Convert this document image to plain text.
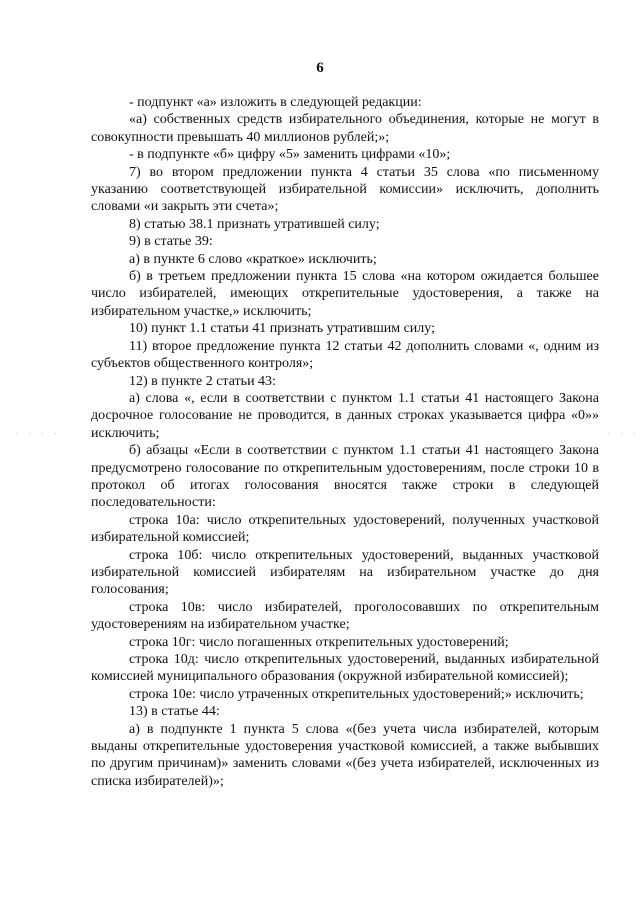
6
· · · ·	· · ·

- подпункт «а» изложить в следующей редакции:

«а) собственных средств избирательного объединения, которые не могут в совокупности превышать 40 миллионов рублей;»;

- в подпункте «б» цифру «5» заменить цифрами «10»;

7) во втором предложении пункта 4 статьи 35 слова «по письменному указанию соответствующей избирательной комиссии» исключить, дополнить словами «и закрыть эти счета»;

8) статью 38.1 признать утратившей силу;

9) в статье 39:

а) в пункте 6 слово «краткое» исключить;

б) в третьем предложении пункта 15 слова «на котором ожидается большее число избирателей, имеющих открепительные удостоверения, а также на избирательном участке,» исключить;

10) пункт 1.1 статьи 41 признать утратившим силу;

11) второе предложение пункта 12 статьи 42 дополнить словами «, одним из субъектов общественного контроля»;

12) в пункте 2 статьи 43:

а) слова «, если в соответствии с пунктом 1.1 статьи 41 настоящего Закона досрочное голосование не проводится, в данных строках указывается цифра «0»» исключить;

б) абзацы «Если в соответствии с пунктом 1.1 статьи 41 настоящего Закона предусмотрено голосование по открепительным удостоверениям, после строки 10 в протокол об итогах голосования вносятся также строки в следующей последовательности:

строка 10а: число открепительных удостоверений, полученных участковой избирательной комиссией;

строка 10б: число открепительных удостоверений, выданных участковой избирательной комиссией избирателям на избирательном участке до дня голосования;

строка 10в: число избирателей, проголосовавших по открепительным удостоверениям на избирательном участке;

строка 10г: число погашенных открепительных удостоверений;

строка 10д: число открепительных удостоверений, выданных избирательной комиссией муниципального образования (окружной избирательной комиссией);

строка 10е: число утраченных открепительных удостоверений;» исключить;

13) в статье 44:

а) в подпункте 1 пункта 5 слова «(без учета числа избирателей, которым выданы открепительные удостоверения участковой комиссией, а также выбывших по другим причинам)» заменить словами «(без учета избирателей, исключенных из списка избирателей)»;
